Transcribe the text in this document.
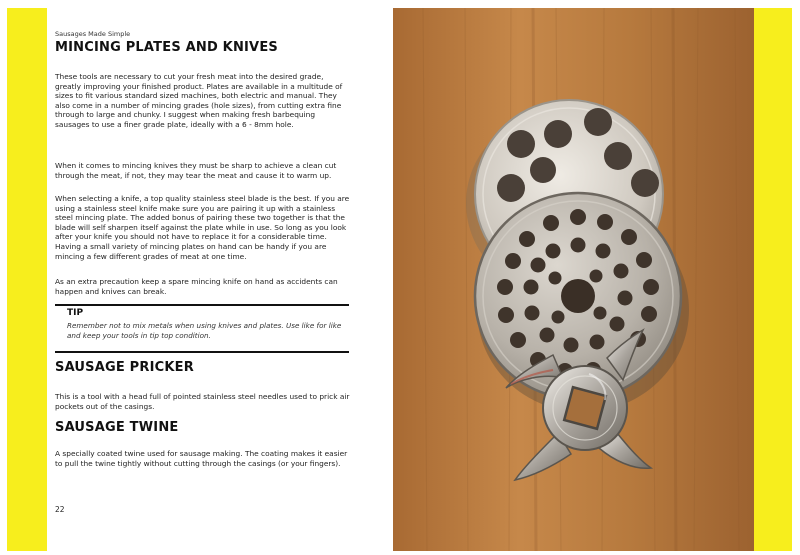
Sausages Made Simple
MINCING PLATES AND KNIVES

These tools are necessary to cut your fresh meat into the desired grade, greatly improving your finished product. Plates are available in a multitude of sizes to fit various standard sized machines, both electric and manual. They also come in a number of mincing grades (hole sizes), from cutting extra fine through to large and chunky. I suggest when making fresh barbequing sausages to use a finer grade plate, ideally with a 6 - 8mm hole.

When it comes to mincing knives they must be sharp to achieve a clean cut through the meat, if not, they may tear the meat and cause it to warm up.

When selecting a knife, a top quality stainless steel blade is the best. If you are using a stainless steel knife make sure you are pairing it up with a stainless steel mincing plate. The added bonus of pairing these two together is that the blade will self sharpen itself against the plate while in use. So long as you look after your knife you should not have to replace it for a considerable time. Having a small variety of mincing plates on hand can be handy if you are mincing a few different grades of meat at one time.

As an extra precaution keep a spare mincing knife on hand as accidents can happen and knives can break.

TIP

Remember not to mix metals when using knives and plates. Use like for like and keep your tools in tip top condition.

SAUSAGE PRICKER

This is a tool with a head full of pointed stainless steel needles used to prick air pockets out of the casings.

SAUSAGE TWINE

A specially coated twine used for sausage making. The coating makes it easier to pull the twine tightly without cutting through the casings (or your fingers).

22
